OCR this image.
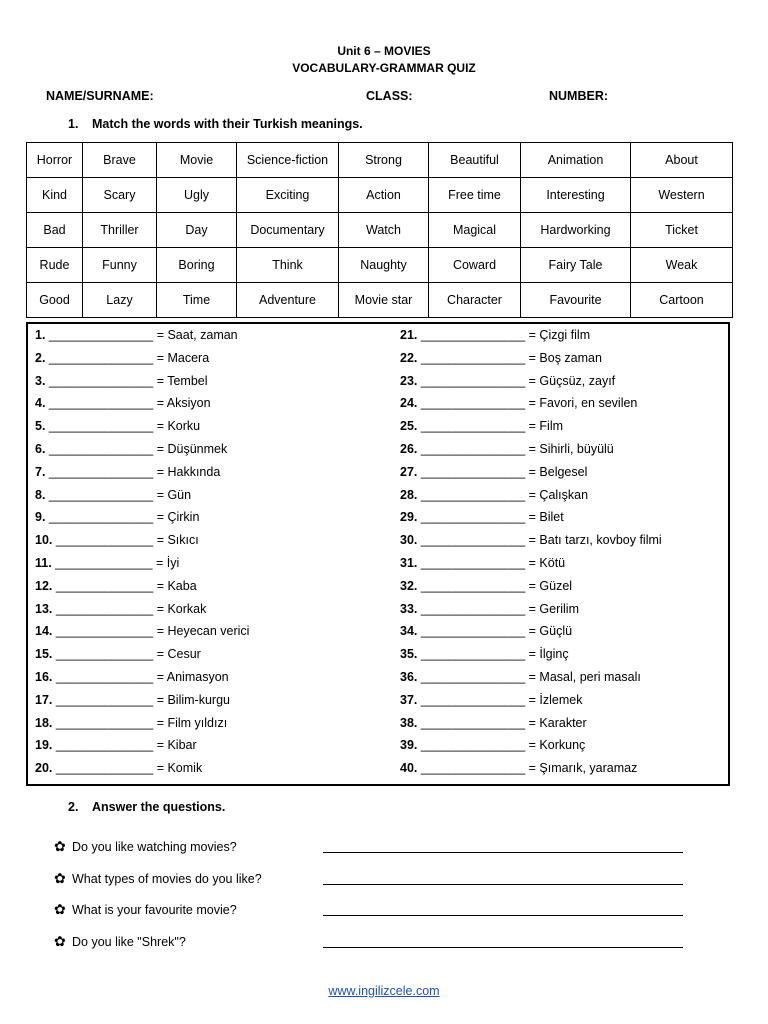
Unit 6 – MOVIES
VOCABULARY-GRAMMAR QUIZ
NAME/SURNAME:	CLASS:	NUMBER:
1. Match the words with their Turkish meanings.
Horror	Brave	Movie	Science-fiction	Strong	Beautiful	Animation	About
Kind	Scary	Ugly	Exciting	Action	Free time	Interesting	Western
Bad	Thriller	Day	Documentary	Watch	Magical	Hardworking	Ticket
Rude	Funny	Boring	Think	Naughty	Coward	Fairy Tale	Weak
Good	Lazy	Time	Adventure	Movie star	Character	Favourite	Cartoon
1. _______________ = Saat, zaman
2. _______________ = Macera
3. _______________ = Tembel
4. _______________ = Aksiyon
5. _______________ = Korku
6. _______________ = Düşünmek
7. _______________ = Hakkında
8. _______________ = Gün
9. _______________ = Çirkin
10. ______________ = Sıkıcı
11. ______________ = İyi
12. ______________ = Kaba
13. ______________ = Korkak
14. ______________ = Heyecan verici
15. ______________ = Cesur
16. ______________ = Animasyon
17. ______________ = Bilim-kurgu
18. ______________ = Film yıldızı
19. ______________ = Kibar
20. ______________ = Komik
21. _______________ = Çizgi film
22. _______________ = Boş zaman
23. _______________ = Güçsüz, zayıf
24. _______________ = Favori, en sevilen
25. _______________ = Film
26. _______________ = Sihirli, büyülü
27. _______________ = Belgesel
28. _______________ = Çalışkan
29. _______________ = Bilet
30. _______________ = Batı tarzı, kovboy filmi
31. _______________ = Kötü
32. _______________ = Güzel
33. _______________ = Gerilim
34. _______________ = Güçlü
35. _______________ = İlginç
36. _______________ = Masal, peri masalı
37. _______________ = İzlemek
38. _______________ = Karakter
39. _______________ = Korkunç
40. _______________ = Şımarık, yaramaz
2. Answer the questions.
✿ Do you like watching movies?
✿ What types of movies do you like?
✿ What is your favourite movie?
✿ Do you like "Shrek"?
www.ingilizcele.com
